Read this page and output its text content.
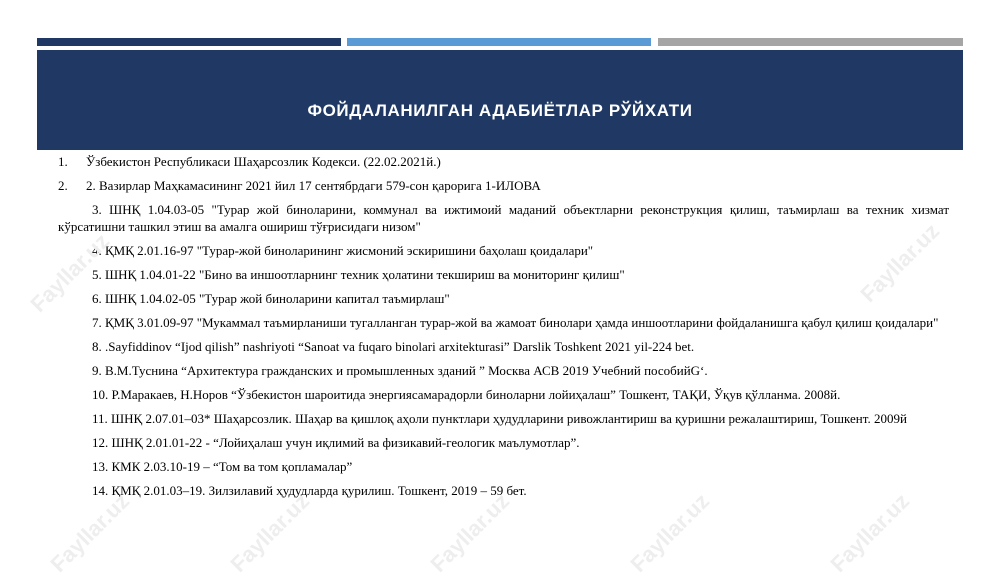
ФОЙДАЛАНИЛГАН АДАБИЁТЛАР РЎЙХАТИ
1.	Ўзбекистон Республикаси Шаҳарсозлик Кодекси. (22.02.2021й.)
2.	2. Вазирлар Маҳкамасининг 2021 йил 17 сентябрдаги 579-сон қарорига 1-ИЛОВА
3. ШНҚ 1.04.03-05 "Турар жой биноларини, коммунал ва ижтимоий маданий объектларни реконструкция қилиш, таъмирлаш ва техник хизмат кўрсатишни ташкил этиш ва амалга ошириш тўғрисидаги низом"
4. ҚМҚ 2.01.16-97 "Турар-жой биноларининг жисмоний эскиришини баҳолаш қоидалари"
5. ШНҚ 1.04.01-22 "Бино ва иншоотларнинг техник ҳолатини текшириш ва мониторинг қилиш"
6. ШНҚ 1.04.02-05 "Турар жой биноларини капитал таъмирлаш"
7. ҚМҚ 3.01.09-97 "Мукаммал таъмирланиши тугалланган турар-жой ва жамоат бинолари ҳамда иншоотларини фойдаланишга қабул қилиш қоидалари"
8. .Sayfiddinov “Ijod qilish” nashriyoti “Sanoat va fuqaro binolari arxitekturasi” Darslik Toshkent 2021 yil-224 bet.
9. В.М.Туснина “Архитектура гражданских и промышленных зданий ” Москва АСВ 2019 Учебний пособийG‘.
10. Р.Маракаев, Н.Норов “Ўзбекистон шароитида энергиясамарадорли биноларни лойиҳалаш” Тошкент, ТАҚИ, Ўқув қўлланма. 2008й.
11. ШНҚ 2.07.01–03* Шаҳарсозлик. Шаҳар ва қишлоқ аҳоли пунктлари ҳудудларини ривожлантириш ва қуришни режалаштириш, Тошкент. 2009й
12. ШНҚ 2.01.01-22 - “Лойиҳалаш учун иқлимий ва физикавий-геологик маълумотлар”.
13. КМК 2.03.10-19 – “Том ва том қопламалар”
14. ҚМҚ 2.01.03–19. Зилзилавий ҳудудларда қурилиш. Тошкент, 2019 – 59 бет.
Fayllar.uz	Fayllar.uz	Fayllar.uz	Fayllar.uz	Fayllar.uz
Fayllar.uz
Fayllar.uz
